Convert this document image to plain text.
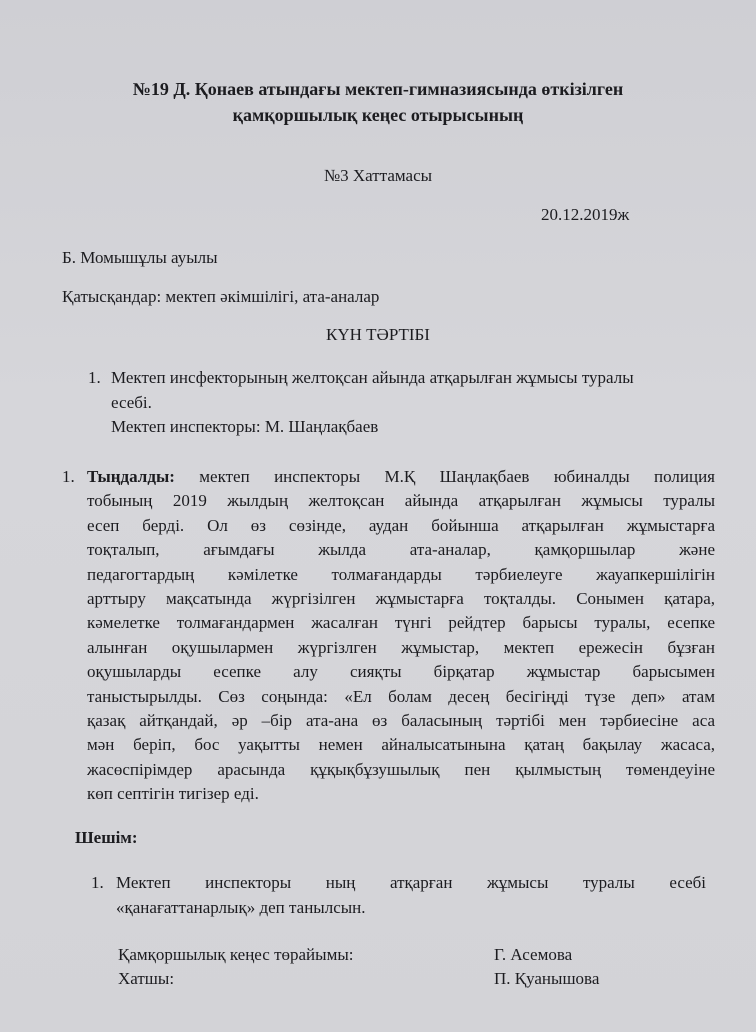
№19 Д. Қонаев атындағы мектеп-гимназиясында өткізілген
қамқоршылық кеңес отырысының
№3 Хаттамасы
20.12.2019ж
Б. Момышұлы ауылы
Қатысқандар: мектеп әкімшілігі, ата-аналар
КҮН ТӘРТІБІ
1. Мектеп инсфекторының желтоқсан айында атқарылған жұмысы туралы
есебі.
Мектеп инспекторы: М. Шаңлақбаев
1. Тыңдалды: мектеп инспекторы М.Қ Шаңлақбаев юбиналды полиция
тобының 2019 жылдың желтоқсан айында атқарылған жұмысы туралы
есеп берді. Ол өз сөзінде, аудан бойынша атқарылған жұмыстарға
тоқталып, ағымдағы жылда ата-аналар, қамқоршылар және
педагогтардың кәмілетке толмағандарды тәрбиелеуге жауапкершілігін
арттыру мақсатында жүргізілген жұмыстарға тоқталды. Сонымен қатара,
кәмелетке толмағандармен жасалған түнгі рейдтер барысы туралы, есепке
алынған оқушылармен жүргізлген жұмыстар, мектеп ережесін бұзған
оқушыларды есепке алу сияқты бірқатар жұмыстар барысымен
таныстырылды. Сөз соңында: «Ел болам десең бесігіңді түзе деп» атам
қазақ айтқандай, әр –бір ата-ана өз баласының тәртібі мен тәрбиесіне аса
мән беріп, бос уақытты немен айналысатынына қатаң бақылау жасаса,
жасөспірімдер арасында құқықбұзушылық пен қылмыстың төмендеуіне
көп септігін тигізер еді.
Шешім:
1. Мектеп инспекторы ның атқарған жұмысы туралы есебі
«қанағаттанарлық» деп танылсын.
Қамқоршылық кеңес төрайымы:	Г. Асемова
Хатшы:	П. Қуанышова
